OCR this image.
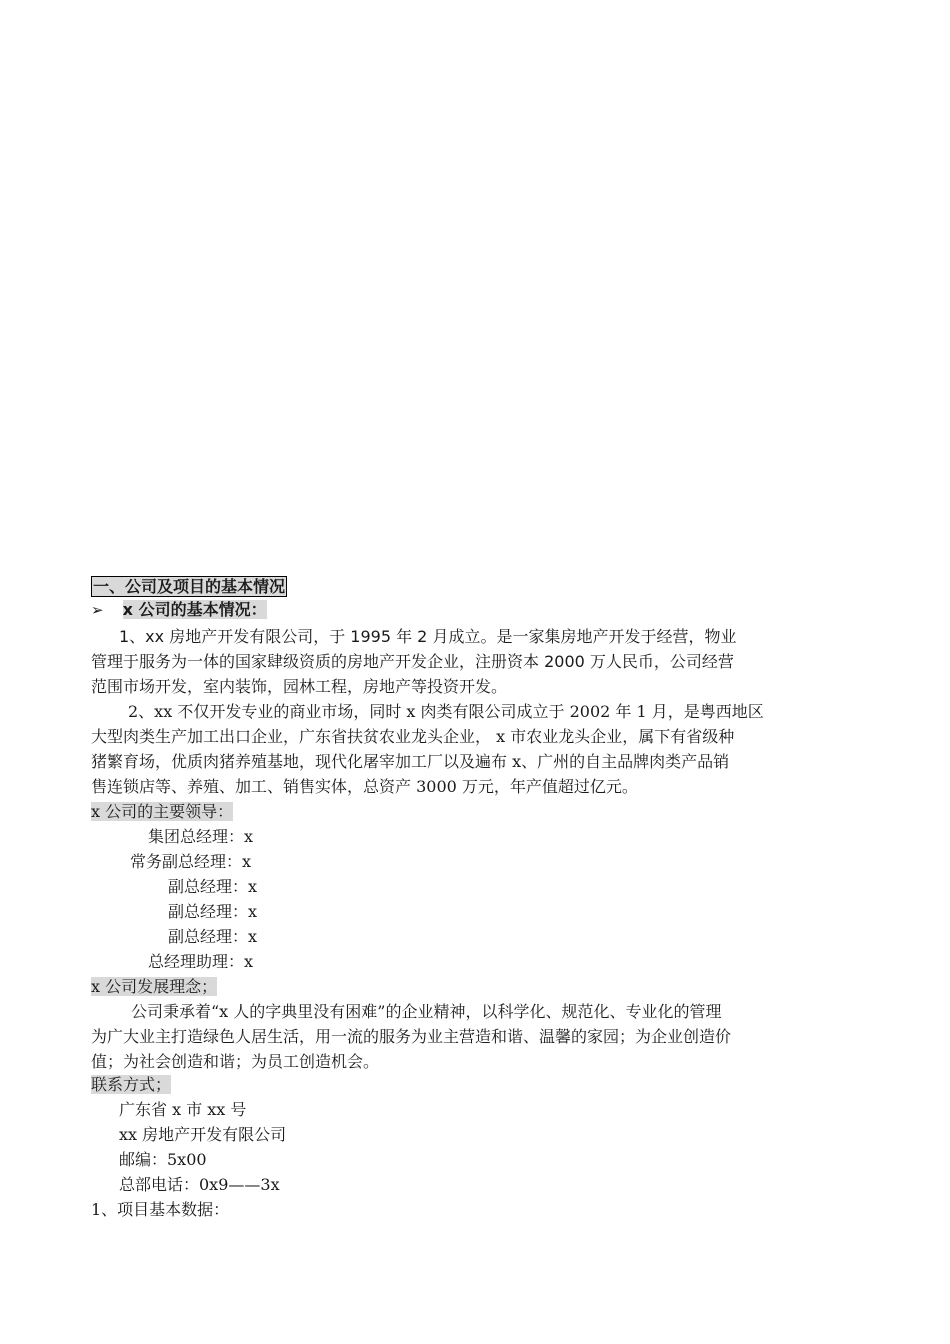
一、公司及项目的基本情况
➢ x 公司的基本情况：
1、xx 房地产开发有限公司，于 1995 年 2 月成立。是一家集房地产开发于经营，物业
管理于服务为一体的国家肆级资质的房地产开发企业，注册资本 2000 万人民币，公司经营
范围市场开发，室内装饰，园林工程，房地产等投资开发。
2、xx 不仅开发专业的商业市场，同时 x 肉类有限公司成立于 2002 年 1 月，是粤西地区
大型肉类生产加工出口企业，广东省扶贫农业龙头企业， x 市农业龙头企业，属下有省级种
猪繁育场，优质肉猪养殖基地，现代化屠宰加工厂以及遍布 x、广州的自主品牌肉类产品销
售连锁店等、养殖、加工、销售实体，总资产 3000 万元，年产值超过亿元。
x 公司的主要领导：
集团总经理：x
常务副总经理：x
副总经理：x
副总经理：x
副总经理：x
总经理助理：x
x 公司发展理念；
公司秉承着“x 人的字典里没有困难”的企业精神，以科学化、规范化、专业化的管理
为广大业主打造绿色人居生活，用一流的服务为业主营造和谐、温馨的家园；为企业创造价
值；为社会创造和谐；为员工创造机会。
联系方式；
广东省 x 市 xx 号
xx 房地产开发有限公司
邮编：5x00
总部电话：0x9——3x
1、项目基本数据：
